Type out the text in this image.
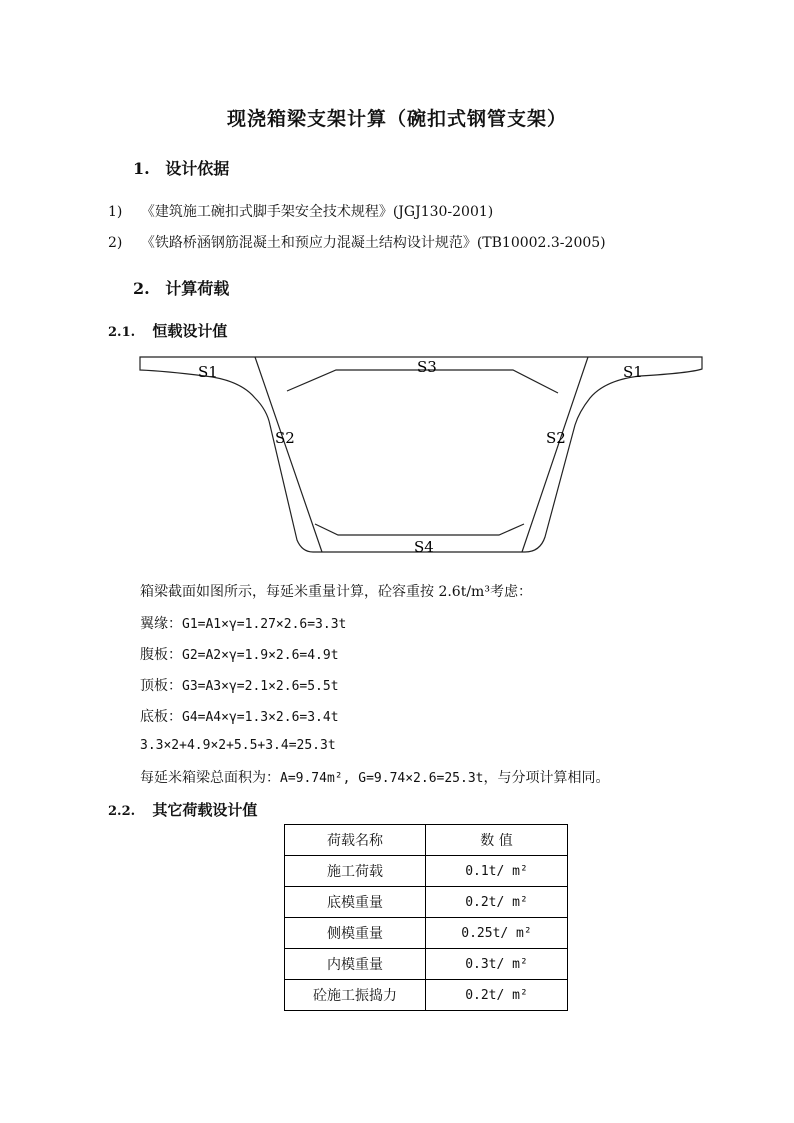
现浇箱梁支架计算（碗扣式钢管支架）
1. 设计依据
1) 《建筑施工碗扣式脚手架安全技术规程》(JGJ130-2001)
2) 《铁路桥涵钢筋混凝土和预应力混凝土结构设计规范》(TB10002.3-2005)
2. 计算荷载
2.1. 恒载设计值
S1	S1
S3
S2	S2
S4
箱梁截面如图所示，每延米重量计算，砼容重按 2.6t/m³考虑：
翼缘：G1=A1×γ=1.27×2.6=3.3t
腹板：G2=A2×γ=1.9×2.6=4.9t
顶板：G3=A3×γ=2.1×2.6=5.5t
底板：G4=A4×γ=1.3×2.6=3.4t
3.3×2+4.9×2+5.5+3.4=25.3t
每延米箱梁总面积为：A=9.74m², G=9.74×2.6=25.3t，与分项计算相同。
2.2. 其它荷载设计值
荷载名称	数 值
施工荷载	0.1t/ m²
底模重量	0.2t/ m²
侧模重量	0.25t/ m²
内模重量	0.3t/ m²
砼施工振捣力	0.2t/ m²
